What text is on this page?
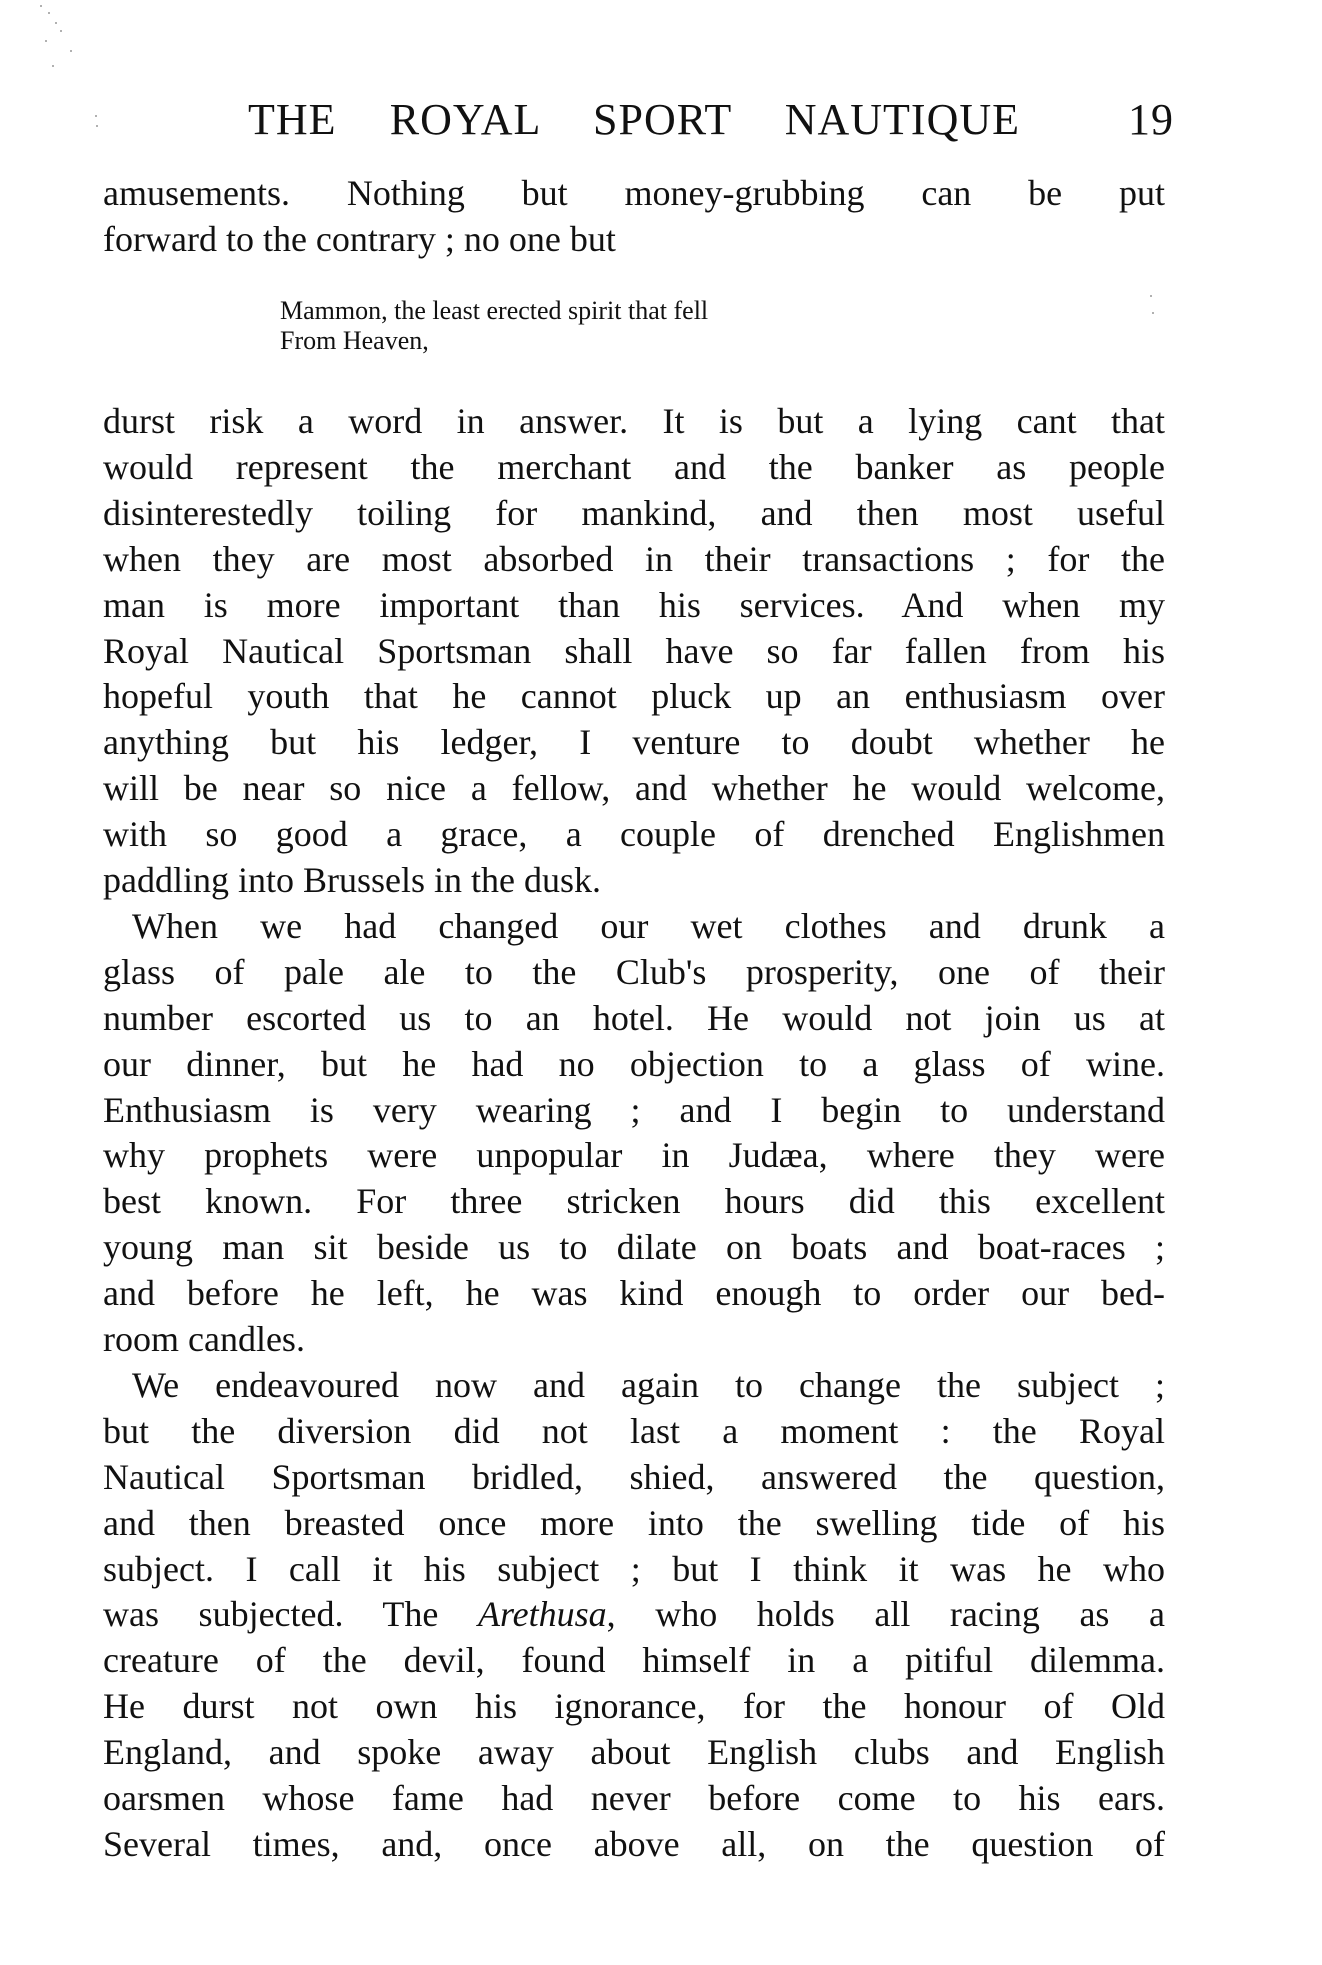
THE ROYAL SPORT NAUTIQUE 19
amusements. Nothing but money-grubbing can be put
forward to the contrary ; no one but
Mammon, the least erected spirit that fell
From Heaven,
durst risk a word in answer. It is but a lying cant that
would represent the merchant and the banker as people
disinterestedly toiling for mankind, and then most useful
when they are most absorbed in their transactions ; for the
man is more important than his services. And when my
Royal Nautical Sportsman shall have so far fallen from his
hopeful youth that he cannot pluck up an enthusiasm over
anything but his ledger, I venture to doubt whether he
will be near so nice a fellow, and whether he would welcome,
with so good a grace, a couple of drenched Englishmen
paddling into Brussels in the dusk.
When we had changed our wet clothes and drunk a
glass of pale ale to the Club's prosperity, one of their
number escorted us to an hotel. He would not join us at
our dinner, but he had no objection to a glass of wine.
Enthusiasm is very wearing ; and I begin to understand
why prophets were unpopular in Judæa, where they were
best known. For three stricken hours did this excellent
young man sit beside us to dilate on boats and boat-races ;
and before he left, he was kind enough to order our bed-
room candles.
We endeavoured now and again to change the subject ;
but the diversion did not last a moment : the Royal
Nautical Sportsman bridled, shied, answered the question,
and then breasted once more into the swelling tide of his
subject. I call it his subject ; but I think it was he who
was subjected. The Arethusa, who holds all racing as a
creature of the devil, found himself in a pitiful dilemma.
He durst not own his ignorance, for the honour of Old
England, and spoke away about English clubs and English
oarsmen whose fame had never before come to his ears.
Several times, and, once above all, on the question of
